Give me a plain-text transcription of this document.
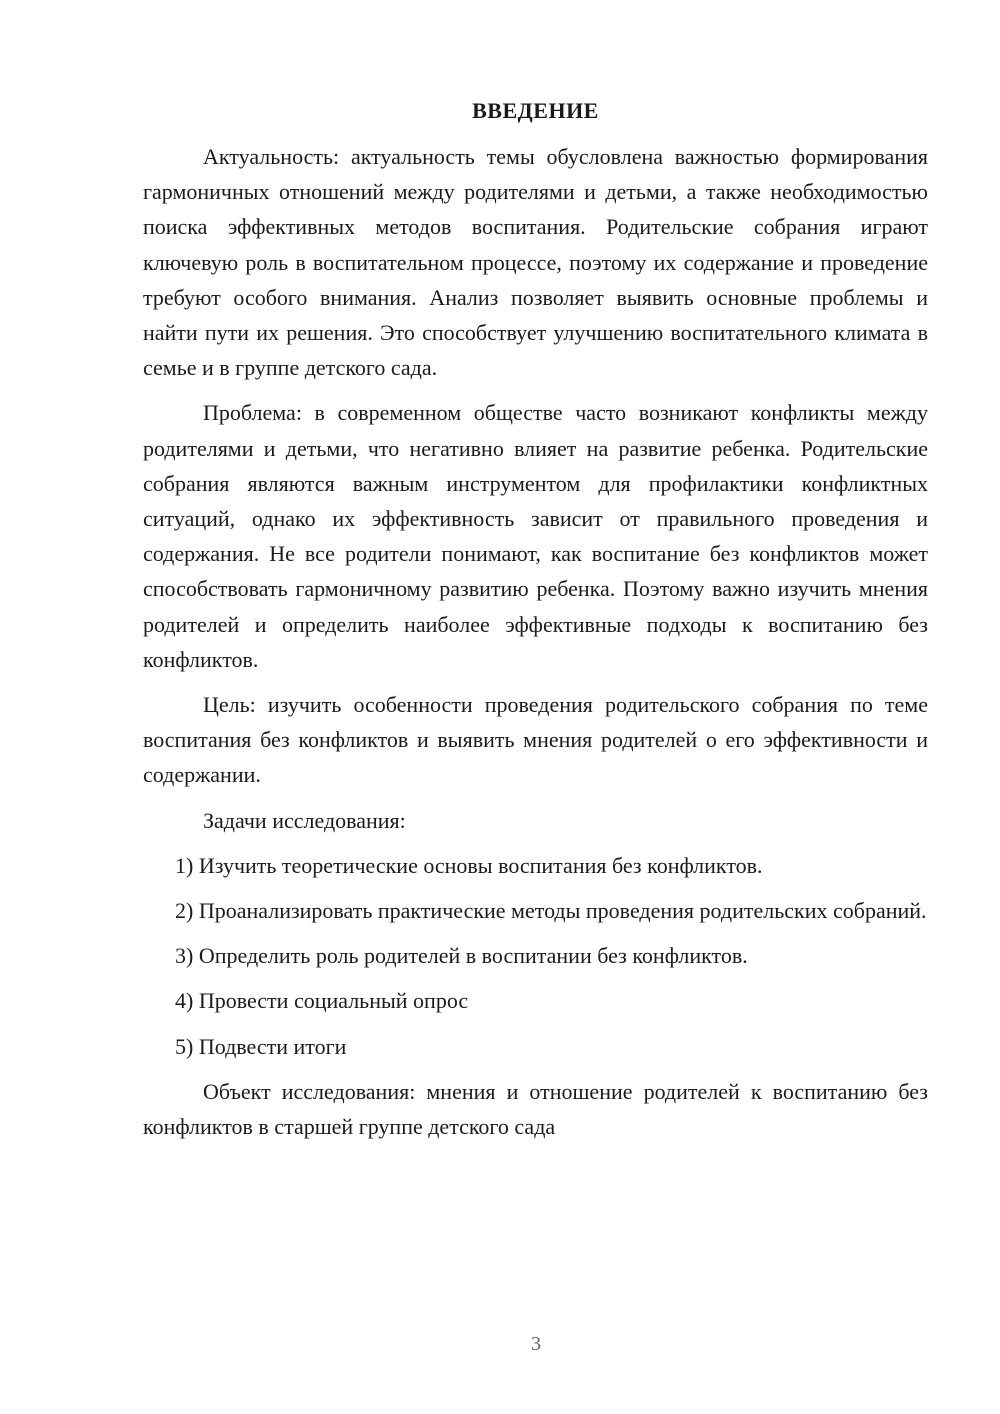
ВВЕДЕНИЕ

Актуальность: актуальность темы обусловлена важностью формирования гармоничных отношений между родителями и детьми, а также необходимостью поиска эффективных методов воспитания. Родительские собрания играют ключевую роль в воспитательном процессе, поэтому их содержание и проведение требуют особого внимания. Анализ позволяет выявить основные проблемы и найти пути их решения. Это способствует улучшению воспитательного климата в семье и в группе детского сада.

Проблема: в современном обществе часто возникают конфликты между родителями и детьми, что негативно влияет на развитие ребенка. Родительские собрания являются важным инструментом для профилактики конфликтных ситуаций, однако их эффективность зависит от правильного проведения и содержания. Не все родители понимают, как воспитание без конфликтов может способствовать гармоничному развитию ребенка. Поэтому важно изучить мнения родителей и определить наиболее эффективные подходы к воспитанию без конфликтов.

Цель: изучить особенности проведения родительского собрания по теме воспитания без конфликтов и выявить мнения родителей о его эффективности и содержании.

Задачи исследования:

1) Изучить теоретические основы воспитания без конфликтов.

2) Проанализировать практические методы проведения родительских собраний.

3) Определить роль родителей в воспитании без конфликтов.

4) Провести социальный опрос

5) Подвести итоги

Объект исследования: мнения и отношение родителей к воспитанию без конфликтов в старшей группе детского сада

3
